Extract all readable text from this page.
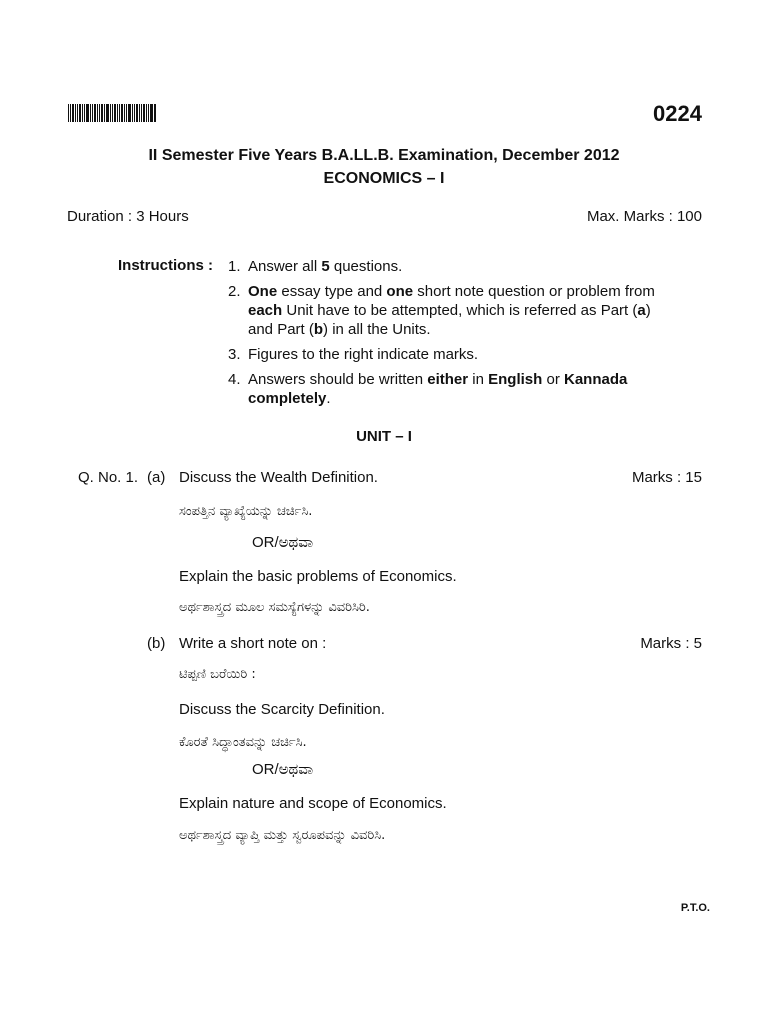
0224
II Semester Five Years B.A.LL.B. Examination, December 2012
ECONOMICS – I
Duration : 3 Hours	Max. Marks : 100
Instructions : 1. Answer all 5 questions.
2. One essay type and one short note question or problem from each Unit have to be attempted, which is referred as Part (a) and Part (b) in all the Units.
3. Figures to the right indicate marks.
4. Answers should be written either in English or Kannada completely.
UNIT – I
Q. No. 1. (a) Discuss the Wealth Definition.	Marks : 15
ಸಂಪತ್ತಿನ ವ್ಯಾಖ್ಯೆಯನ್ನು ಚರ್ಚಿಸಿ.
OR/ಅಥವಾ
Explain the basic problems of Economics.
ಅರ್ಥಶಾಸ್ತ್ರದ ಮೂಲ ಸಮಸ್ಯೆಗಳನ್ನು ವಿವರಿಸಿರಿ.
(b) Write a short note on :	Marks : 5
ಟಿಪ್ಪಣಿ ಬರೆಯಿರಿ :
Discuss the Scarcity Definition.
ಕೊರತೆ ಸಿದ್ಧಾಂತವನ್ನು ಚರ್ಚಿಸಿ.
OR/ಅಥವಾ
Explain nature and scope of Economics.
ಅರ್ಥಶಾಸ್ತ್ರದ ವ್ಯಾಪ್ತಿ ಮತ್ತು ಸ್ವರೂಪವನ್ನು ವಿವರಿಸಿ.
P.T.O.
